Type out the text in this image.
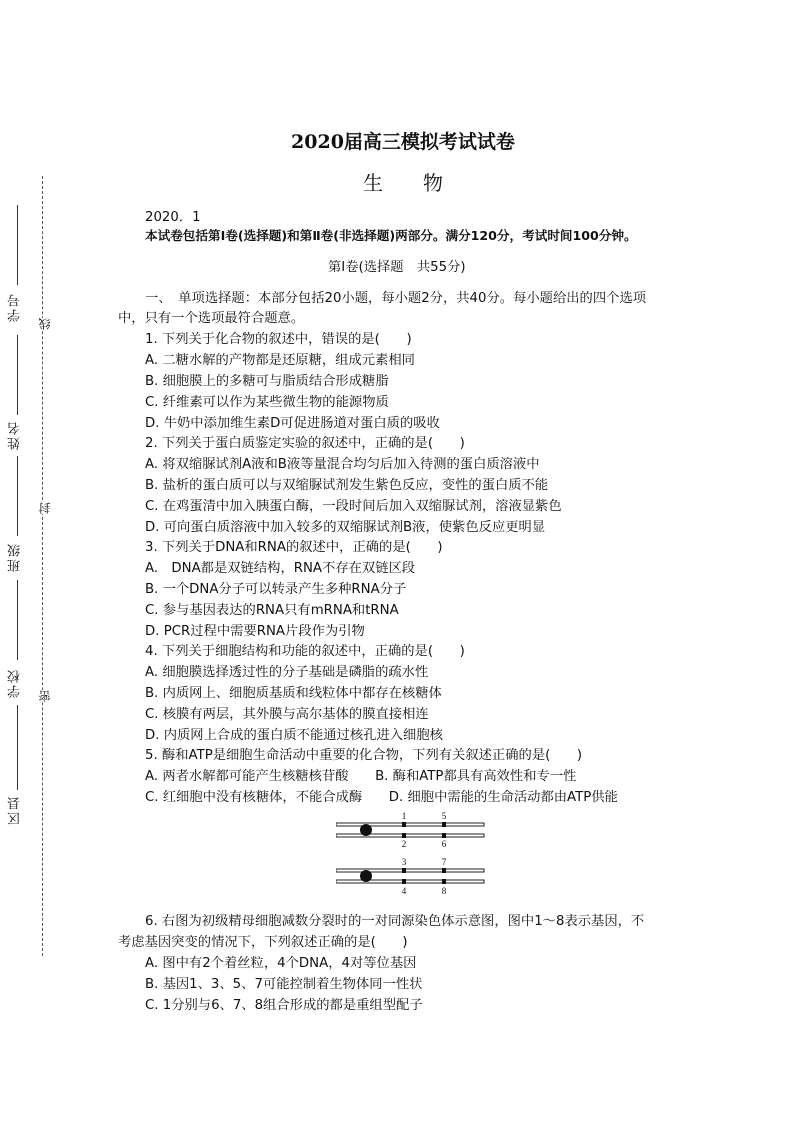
学号
姓名
班级
学校
区县
线
封
密
2020届高三模拟考试试卷
生　　物
2020．1
本试卷包括第Ⅰ卷(选择题)和第Ⅱ卷(非选择题)两部分。满分120分，考试时间100分钟。
第Ⅰ卷(选择题　共55分)
一、　单项选择题：本部分包括20小题，每小题2分，共40分。每小题给出的四个选项
中，只有一个选项最符合题意。
1. 下列关于化合物的叙述中，错误的是(　　)
A. 二糖水解的产物都是还原糖，组成元素相同
B. 细胞膜上的多糖可与脂质结合形成糖脂
C. 纤维素可以作为某些微生物的能源物质
D. 牛奶中添加维生素D可促进肠道对蛋白质的吸收
2. 下列关于蛋白质鉴定实验的叙述中，正确的是(　　)
A. 将双缩脲试剂A液和B液等量混合均匀后加入待测的蛋白质溶液中
B. 盐析的蛋白质可以与双缩脲试剂发生紫色反应，变性的蛋白质不能
C. 在鸡蛋清中加入胰蛋白酶，一段时间后加入双缩脲试剂，溶液显紫色
D. 可向蛋白质溶液中加入较多的双缩脲试剂B液，使紫色反应更明显
3. 下列关于DNA和RNA的叙述中，正确的是(　　)
A.　DNA都是双链结构，RNA不存在双链区段
B. 一个DNA分子可以转录产生多种RNA分子
C. 参与基因表达的RNA只有mRNA和tRNA
D. PCR过程中需要RNA片段作为引物
4. 下列关于细胞结构和功能的叙述中，正确的是(　　)
A. 细胞膜选择透过性的分子基础是磷脂的疏水性
B. 内质网上、细胞质基质和线粒体中都存在核糖体
C. 核膜有两层，其外膜与高尔基体的膜直接相连
D. 内质网上合成的蛋白质不能通过核孔进入细胞核
5. 酶和ATP是细胞生命活动中重要的化合物，下列有关叙述正确的是(　　)
A. 两者水解都可能产生核糖核苷酸　　B. 酶和ATP都具有高效性和专一性
C. 红细胞中没有核糖体，不能合成酶　　D. 细胞中需能的生命活动都由ATP供能
1
2
3
4
5
6
7
8
6. 右图为初级精母细胞减数分裂时的一对同源染色体示意图，图中1～8表示基因，不
考虑基因突变的情况下，下列叙述正确的是(　　)
A. 图中有2个着丝粒，4个DNA，4对等位基因
B. 基因1、3、5、7可能控制着生物体同一性状
C. 1分别与6、7、8组合形成的都是重组型配子
